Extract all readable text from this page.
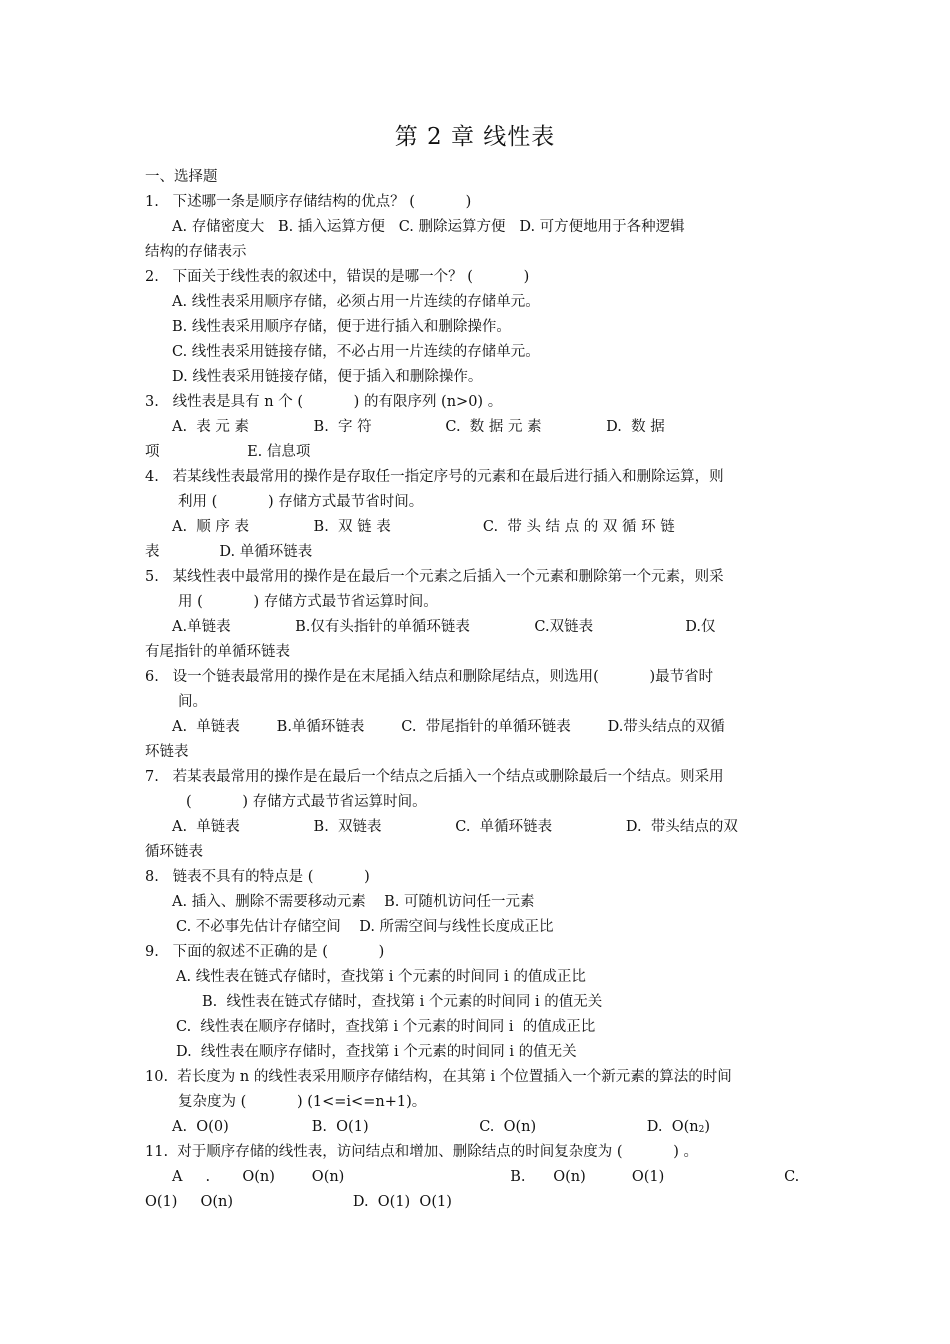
第 2 章 线性表
一、选择题
1.   下述哪一条是顺序存储结构的优点？ (           )
A. 存储密度大   B. 插入运算方便   C. 删除运算方便   D. 可方便地用于各种逻辑
结构的存储表示
2.   下面关于线性表的叙述中，错误的是哪一个？ (           )
A. 线性表采用顺序存储，必须占用一片连续的存储单元。
B. 线性表采用顺序存储，便于进行插入和删除操作。
C. 线性表采用链接存储，不必占用一片连续的存储单元。
D. 线性表采用链接存储，便于插入和删除操作。
3.   线性表是具有 n 个 (           ) 的有限序列 (n>0) 。
A.  表 元 素              B.  字 符                C.  数 据 元 素              D.  数 据
项                   E. 信息项
4.   若某线性表最常用的操作是存取任一指定序号的元素和在最后进行插入和删除运算，则
利用 (           ) 存储方式最节省时间。
A.  顺 序 表              B.  双 链 表                    C.  带 头 结 点 的 双 循 环 链
表             D. 单循环链表
5.   某线性表中最常用的操作是在最后一个元素之后插入一个元素和删除第一个元素，则采
用 (           ) 存储方式最节省运算时间。
A.单链表              B.仅有头指针的单循环链表              C.双链表                    D.仅
有尾指针的单循环链表
6.   设一个链表最常用的操作是在末尾插入结点和删除尾结点，则选用(           )最节省时
间。
A.  单链表        B.单循环链表        C.  带尾指针的单循环链表        D.带头结点的双循
环链表
7.   若某表最常用的操作是在最后一个结点之后插入一个结点或删除最后一个结点。则采用
(           ) 存储方式最节省运算时间。
A.  单链表                B.  双链表                C.  单循环链表                D.  带头结点的双
循环链表
8.   链表不具有的特点是 (           )
A. 插入、删除不需要移动元素    B. 可随机访问任一元素
C. 不必事先估计存储空间    D. 所需空间与线性长度成正比
9.   下面的叙述不正确的是 (           )
A. 线性表在链式存储时，查找第 i 个元素的时间同 i 的值成正比
B.  线性表在链式存储时，查找第 i 个元素的时间同 i 的值无关
C.  线性表在顺序存储时，查找第 i 个元素的时间同 i  的值成正比
D.  线性表在顺序存储时，查找第 i 个元素的时间同 i 的值无关
10.  若长度为 n 的线性表采用顺序存储结构，在其第 i 个位置插入一个新元素的算法的时间
复杂度为 (           ) (1<=i<=n+1)。
A.  O(0)                  B.  O(1)                        C.  O(n)                        D.  O(n2)
11.  对于顺序存储的线性表，访问结点和增加、删除结点的时间复杂度为 (           ) 。
A     .       O(n)        O(n)                                    B.      O(n)          O(1)                          C.
O(1)     O(n)                          D.  O(1)  O(1)
